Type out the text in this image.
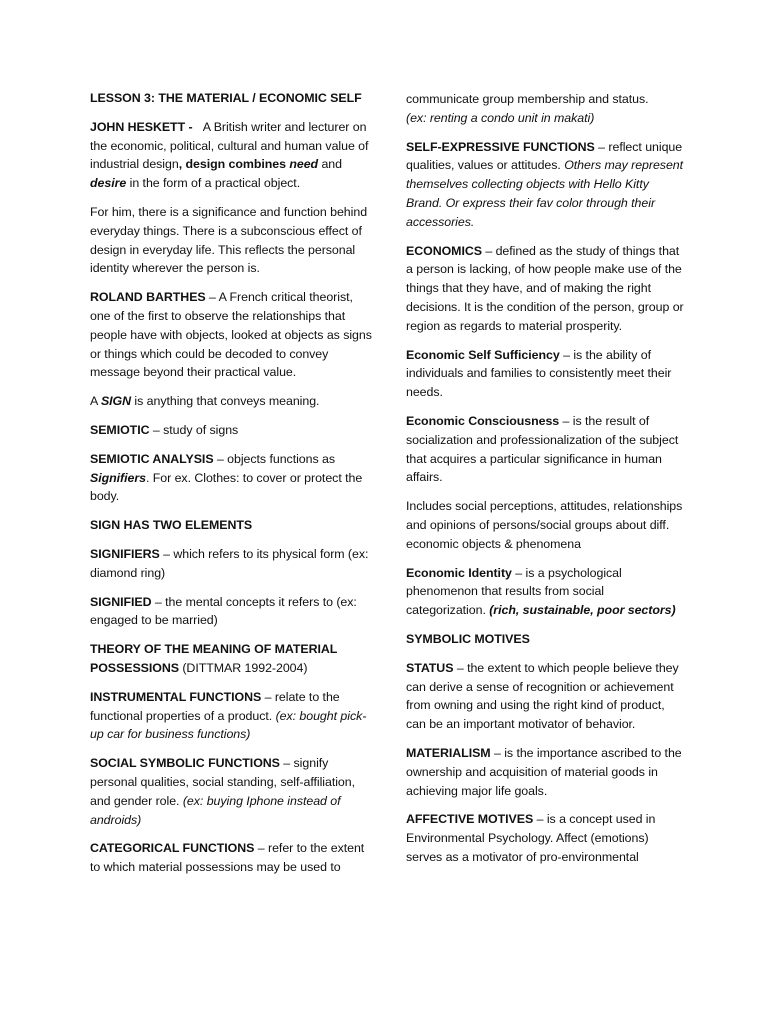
LESSON 3: THE MATERIAL / ECONOMIC SELF

JOHN HESKETT - A British writer and lecturer on the economic, political, cultural and human value of industrial design, design combines need and desire in the form of a practical object.

For him, there is a significance and function behind everyday things. There is a subconscious effect of design in everyday life. This reflects the personal identity wherever the person is.

ROLAND BARTHES – A French critical theorist, one of the first to observe the relationships that people have with objects, looked at objects as signs or things which could be decoded to convey message beyond their practical value.

A SIGN is anything that conveys meaning.

SEMIOTIC – study of signs

SEMIOTIC ANALYSIS – objects functions as Signifiers. For ex. Clothes: to cover or protect the body.

SIGN HAS TWO ELEMENTS

SIGNIFIERS – which refers to its physical form (ex: diamond ring)

SIGNIFIED – the mental concepts it refers to (ex: engaged to be married)

THEORY OF THE MEANING OF MATERIAL POSSESSIONS (DITTMAR 1992-2004)

INSTRUMENTAL FUNCTIONS – relate to the functional properties of a product. (ex: bought pick-up car for business functions)

SOCIAL SYMBOLIC FUNCTIONS – signify personal qualities, social standing, self-affiliation, and gender role. (ex: buying Iphone instead of androids)

CATEGORICAL FUNCTIONS – refer to the extent to which material possessions may be used to

communicate group membership and status.
(ex: renting a condo unit in makati)

SELF-EXPRESSIVE FUNCTIONS – reflect unique qualities, values or attitudes. Others may represent themselves collecting objects with Hello Kitty Brand. Or express their fav color through their accessories.

ECONOMICS – defined as the study of things that a person is lacking, of how people make use of the things that they have, and of making the right decisions. It is the condition of the person, group or region as regards to material prosperity.

Economic Self Sufficiency – is the ability of individuals and families to consistently meet their needs.

Economic Consciousness – is the result of socialization and professionalization of the subject that acquires a particular significance in human affairs.

Includes social perceptions, attitudes, relationships and opinions of persons/social groups about diff. economic objects & phenomena

Economic Identity – is a psychological phenomenon that results from social categorization. (rich, sustainable, poor sectors)

SYMBOLIC MOTIVES

STATUS – the extent to which people believe they can derive a sense of recognition or achievement from owning and using the right kind of product, can be an important motivator of behavior.

MATERIALISM – is the importance ascribed to the ownership and acquisition of material goods in achieving major life goals.

AFFECTIVE MOTIVES – is a concept used in Environmental Psychology. Affect (emotions) serves as a motivator of pro-environmental
